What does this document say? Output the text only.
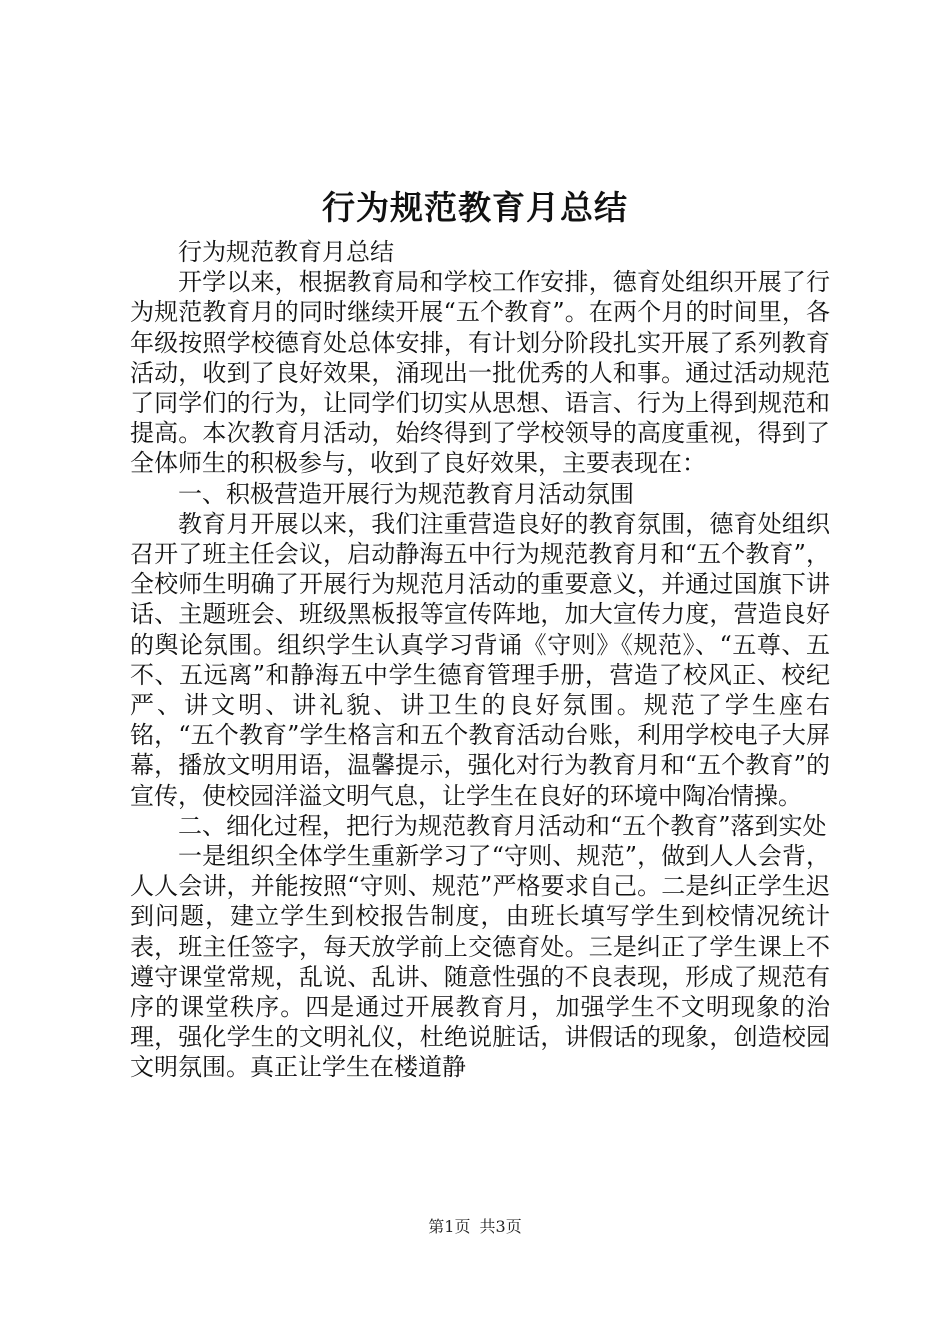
行为规范教育月总结

行为规范教育月总结

开学以来，根据教育局和学校工作安排，德育处组织开展了行为规范教育月的同时继续开展“五个教育”。在两个月的时间里，各年级按照学校德育处总体安排，有计划分阶段扎实开展了系列教育活动，收到了良好效果，涌现出一批优秀的人和事。通过活动规范了同学们的行为，让同学们切实从思想、语言、行为上得到规范和提高。本次教育月活动，始终得到了学校领导的高度重视，得到了全体师生的积极参与，收到了良好效果，主要表现在：

一、积极营造开展行为规范教育月活动氛围

教育月开展以来，我们注重营造良好的教育氛围，德育处组织召开了班主任会议，启动静海五中行为规范教育月和“五个教育”，全校师生明确了开展行为规范月活动的重要意义，并通过国旗下讲话、主题班会、班级黑板报等宣传阵地，加大宣传力度，营造良好的舆论氛围。组织学生认真学习背诵《守则》《规范》、“五尊、五不、五远离”和静海五中学生德育管理手册，营造了校风正、校纪严、讲文明、讲礼貌、讲卫生的良好氛围。规范了学生座右铭，“五个教育”学生格言和五个教育活动台账，利用学校电子大屏幕，播放文明用语，温馨提示，强化对行为教育月和“五个教育”的宣传，使校园洋溢文明气息，让学生在良好的环境中陶冶情操。

二、细化过程，把行为规范教育月活动和“五个教育”落到实处

一是组织全体学生重新学习了“守则、规范”，做到人人会背，人人会讲，并能按照“守则、规范”严格要求自己。二是纠正学生迟到问题，建立学生到校报告制度，由班长填写学生到校情况统计表，班主任签字，每天放学前上交德育处。三是纠正了学生课上不遵守课堂常规，乱说、乱讲、随意性强的不良表现，形成了规范有序的课堂秩序。四是通过开展教育月，加强学生不文明现象的治理，强化学生的文明礼仪，杜绝说脏话，讲假话的现象，创造校园文明氛围。真正让学生在楼道静

第1页 共3页
